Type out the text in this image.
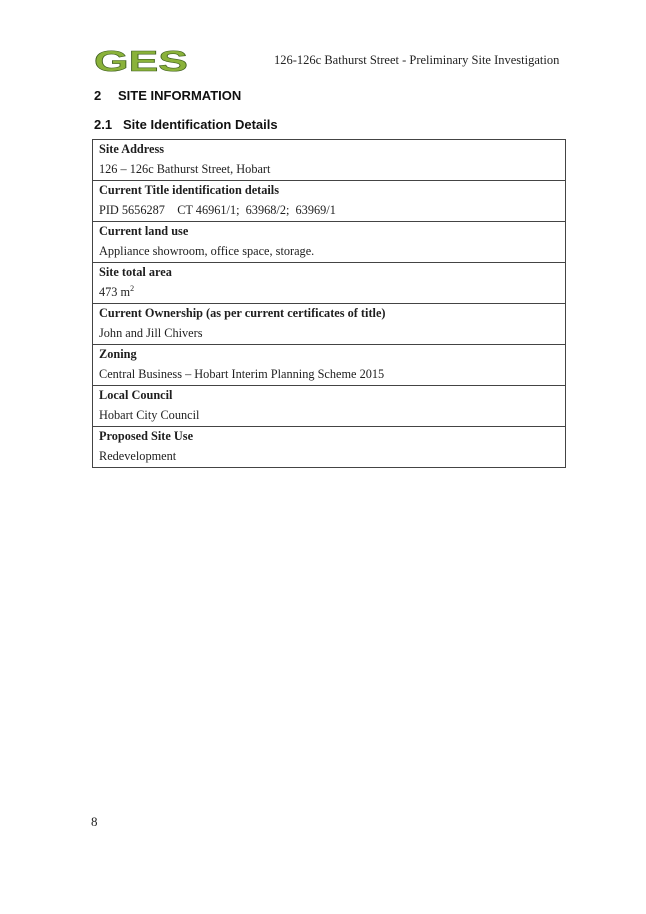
GES	126-126c Bathurst Street - Preliminary Site Investigation
2 SITE INFORMATION
2.1 Site Identification Details
Site Address
126 – 126c Bathurst Street, Hobart
Current Title identification details
PID 5656287    CT 46961/1;  63968/2;  63969/1
Current land use
Appliance showroom, office space, storage.
Site total area
473 $m^2$
Current Ownership (as per current certificates of title)
John and Jill Chivers
Zoning
Central Business – Hobart Interim Planning Scheme 2015
Local Council
Hobart City Council
Proposed Site Use
Redevelopment
8
